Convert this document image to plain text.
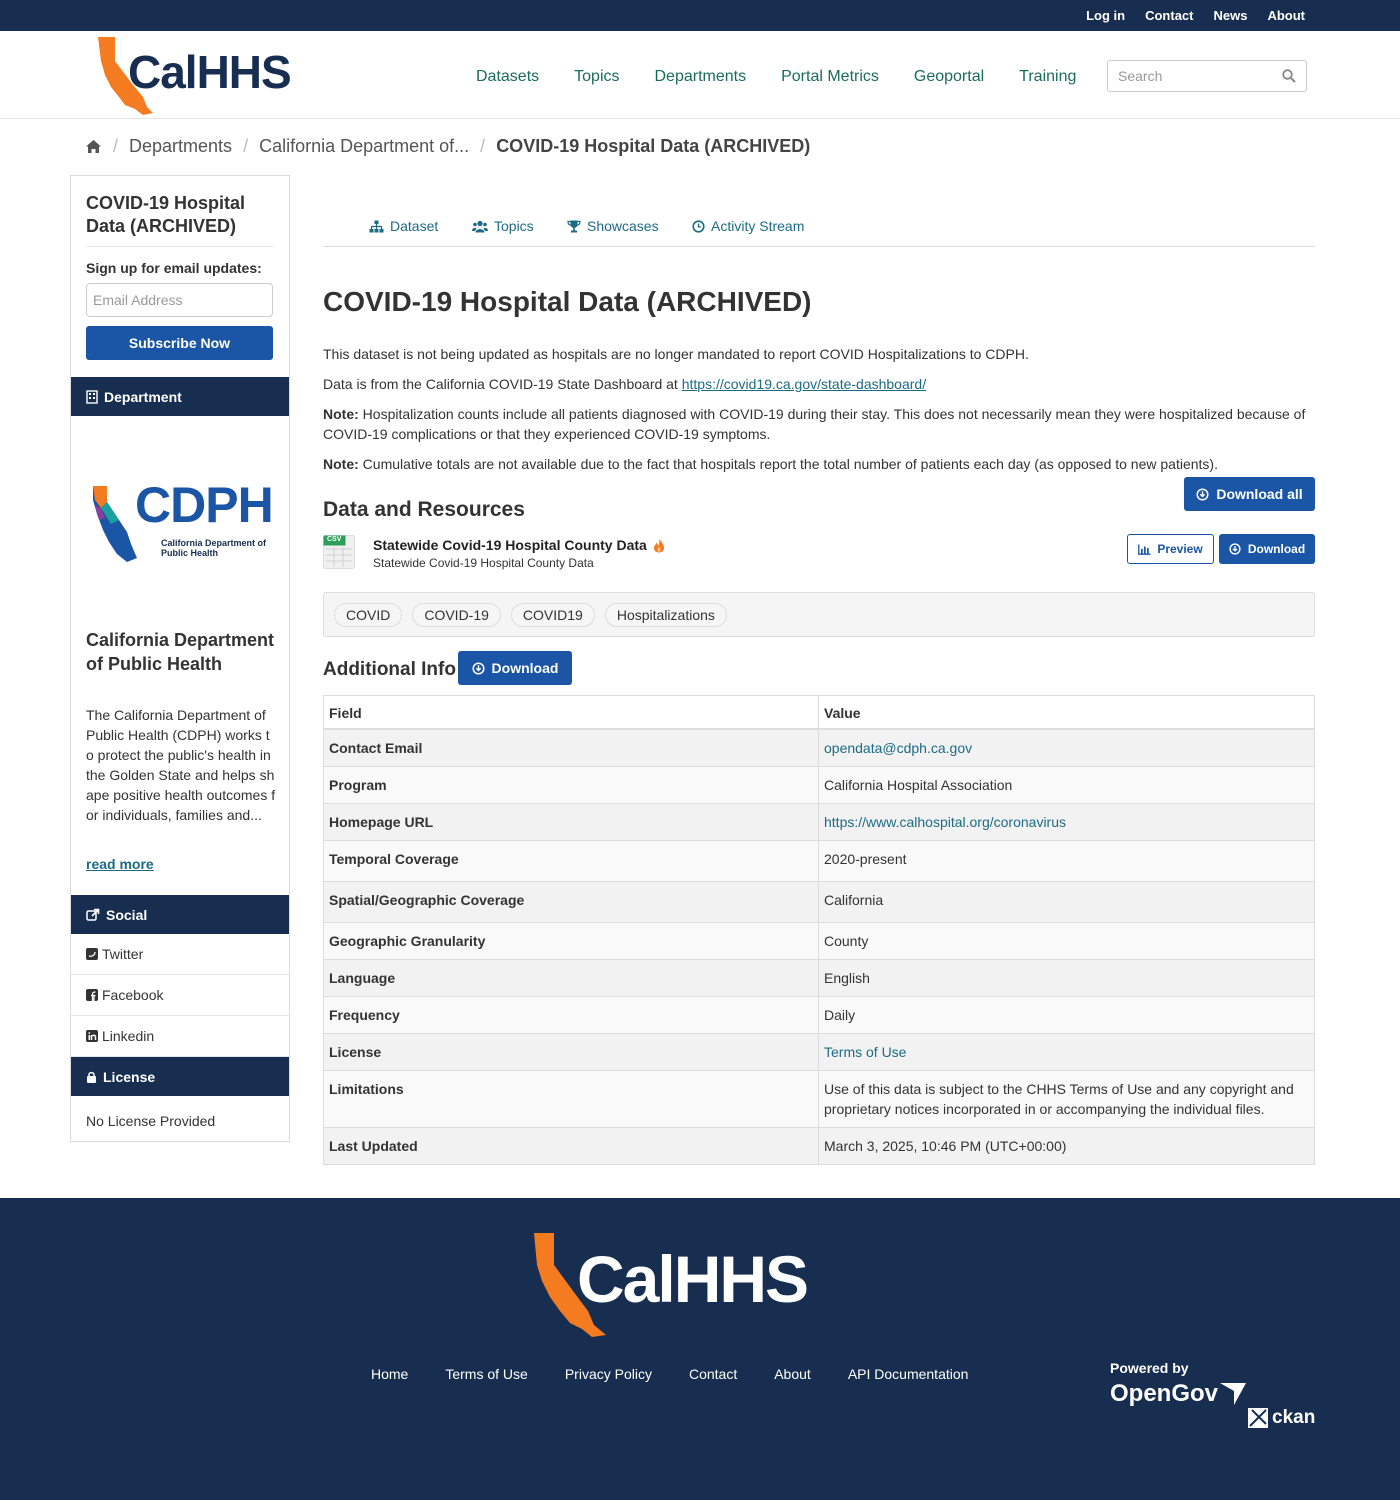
Log in Contact News About
CalHHS	Datasets Topics Departments Portal Metrics Geoportal Training
Search
/ Departments / California Department of... / COVID-19 Hospital Data (ARCHIVED)
COVID-19 Hospital Data (ARCHIVED)
Sign up for email updates:
Email Address
Subscribe Now
Department
CDPH
California Department of Public Health
California Department of Public Health

The California Department of Public Health (CDPH) works to protect the public's health in the Golden State and helps shape positive health outcomes for individuals, families and...

read more
Social
Twitter
Facebook
Linkedin
License
No License Provided
Dataset	Topics	Showcases	Activity Stream
COVID-19 Hospital Data (ARCHIVED)

This dataset is not being updated as hospitals are no longer mandated to report COVID Hospitalizations to CDPH.

Data is from the California COVID-19 State Dashboard at https://covid19.ca.gov/state-dashboard/

Note: Hospitalization counts include all patients diagnosed with COVID-19 during their stay. This does not necessarily mean they were hospitalized because of COVID-19 complications or that they experienced COVID-19 symptoms.

Note: Cumulative totals are not available due to the fact that hospitals report the total number of patients each day (as opposed to new patients).

Data and Resources
Download all
CSV Statewide Covid-19 Hospital County Data
Statewide Covid-19 Hospital County Data
Preview	Download
COVID	COVID-19	COVID19	Hospitalizations
Additional Info	Download
Field	Value
Contact Email	opendata@cdph.ca.gov
Program	California Hospital Association
Homepage URL	https://www.calhospital.org/coronavirus
Temporal Coverage	2020-present
Spatial/Geographic Coverage	California
Geographic Granularity	County
Language	English
Frequency	Daily
License	Terms of Use
Limitations	Use of this data is subject to the CHHS Terms of Use and any copyright and proprietary notices incorporated in or accompanying the individual files.
Last Updated	March 3, 2025, 10:46 PM (UTC+00:00)
CalHHS
Home	Terms of Use	Privacy Policy	Contact	About	API Documentation	Powered by
OpenGov
ckan
